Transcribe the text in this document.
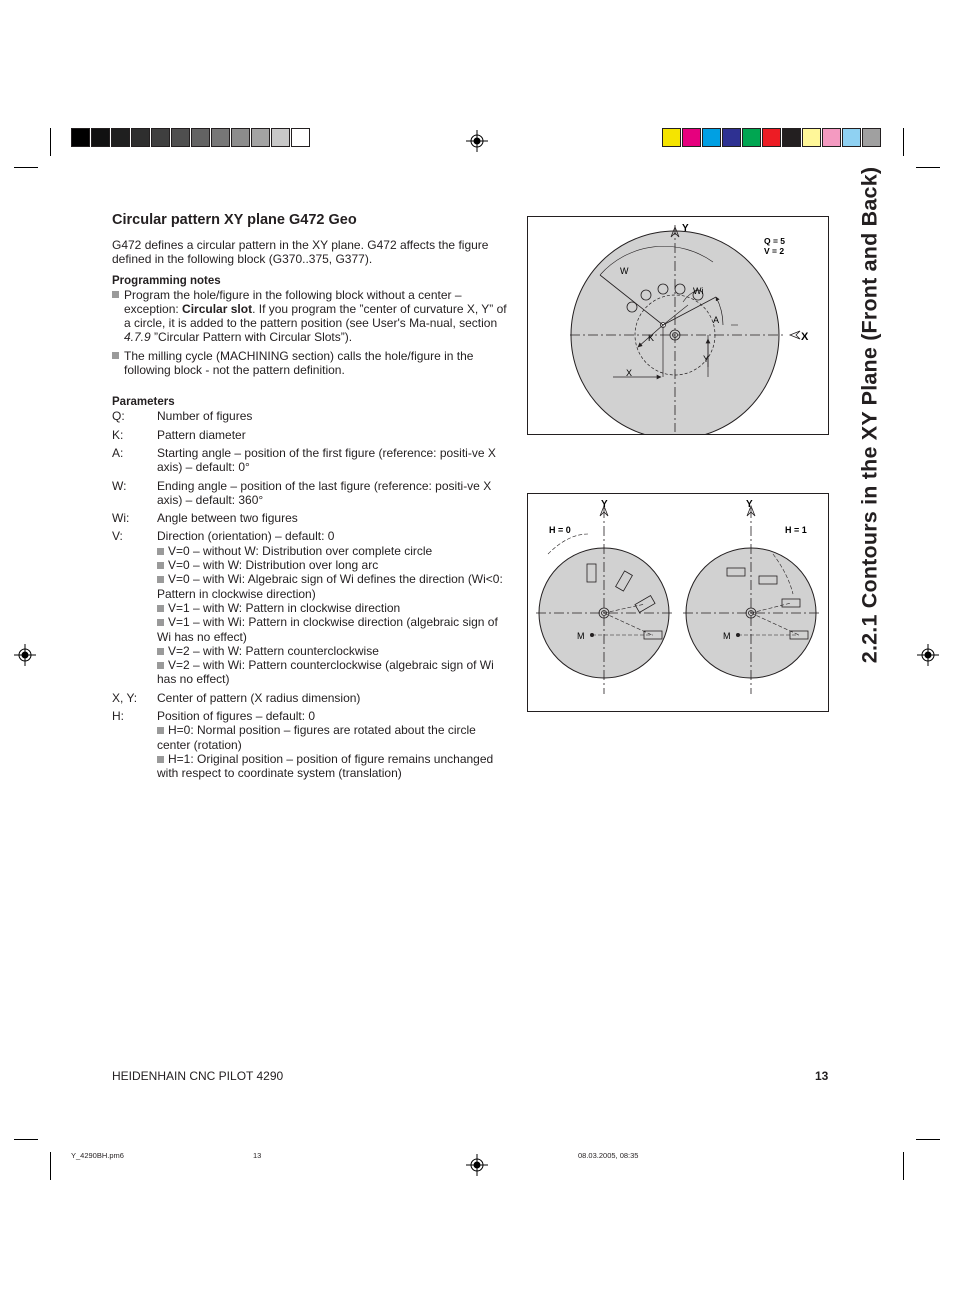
Circular pattern XY plane G472 Geo

G472 defines a circular pattern in the XY plane. G472 affects the figure defined in the following block (G370..375, G377).

Programming notes

Program the hole/figure in the following block without a center – exception: Circular slot. If you program the ”center of curvature X, Y” of a circle, it is added to the pattern position (see User's Ma-nual, section 4.7.9 ”Circular Pattern with Circular Slots”).
The milling cycle (MACHINING section) calls the hole/figure in the following block - not the pattern definition.

Parameters

Q:	Number of figures
K:	Pattern diameter
A:	Starting angle – position of the first figure (reference: positi-ve X axis) – default: 0°
W:	Ending angle – position of the last figure (reference: positi-ve X axis) – default: 360°
Wi:	Angle between two figures
V:	Direction (orientation) – default: 0
V=0 – without W: Distribution over complete circle
V=0 – with W: Distribution over long arc
V=0 – with Wi: Algebraic sign of Wi defines the direction (Wi<0: Pattern in clockwise direction)
V=1 – with W: Pattern in clockwise direction
V=1 – with Wi: Pattern in clockwise direction (algebraic sign of Wi has no effect)
V=2 – with W: Pattern counterclockwise
V=2 – with Wi: Pattern counterclockwise (algebraic sign of Wi has no effect)
X, Y:	Center of pattern (X radius dimension)
H:	Position of figures – default: 0
H=0: Normal position – figures are rotated about the circle center (rotation)
H=1: Original position – position of figure remains unchanged with respect to coordinate system (translation)
Y
X
Q = 5
V = 2
W
Wi
A
K
X
Y
Y	Y
H = 0	H = 1
M	M	2.2.1 Contours in the XY Plane (Front and Back)
HEIDENHAIN CNC PILOT 4290	13
Y_4290BH.pm6	13	08.03.2005, 08:35
